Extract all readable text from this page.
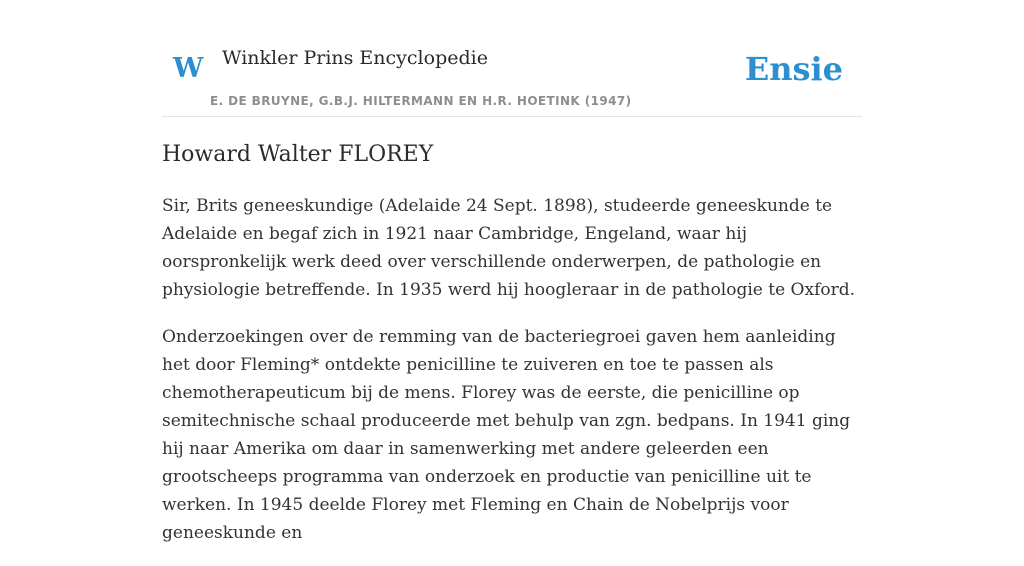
W Winkler Prins Encyclopedie
E. DE BRUYNE, G.B.J. HILTERMANN EN H.R. HOETINK (1947)
Ensie
Howard Walter FLOREY

Sir, Brits geneeskundige (Adelaide 24 Sept. 1898), studeerde geneeskunde te Adelaide en begaf zich in 1921 naar Cambridge, Engeland, waar hij oorspronkelijk werk deed over verschillende onderwerpen, de pathologie en physiologie betreffende. In 1935 werd hij hoogleraar in de pathologie te Oxford.

Onderzoekingen over de remming van de bacteriegroei gaven hem aanleiding het door Fleming* ontdekte penicilline te zuiveren en toe te passen als chemotherapeuticum bij de mens. Florey was de eerste, die penicilline op semitechnische schaal produceerde met behulp van zgn. bedpans. In 1941 ging hij naar Amerika om daar in samenwerking met andere geleerden een grootscheeps programma van onderzoek en productie van penicilline uit te werken. In 1945 deelde Florey met Fleming en Chain de Nobelprijs voor geneeskunde en
